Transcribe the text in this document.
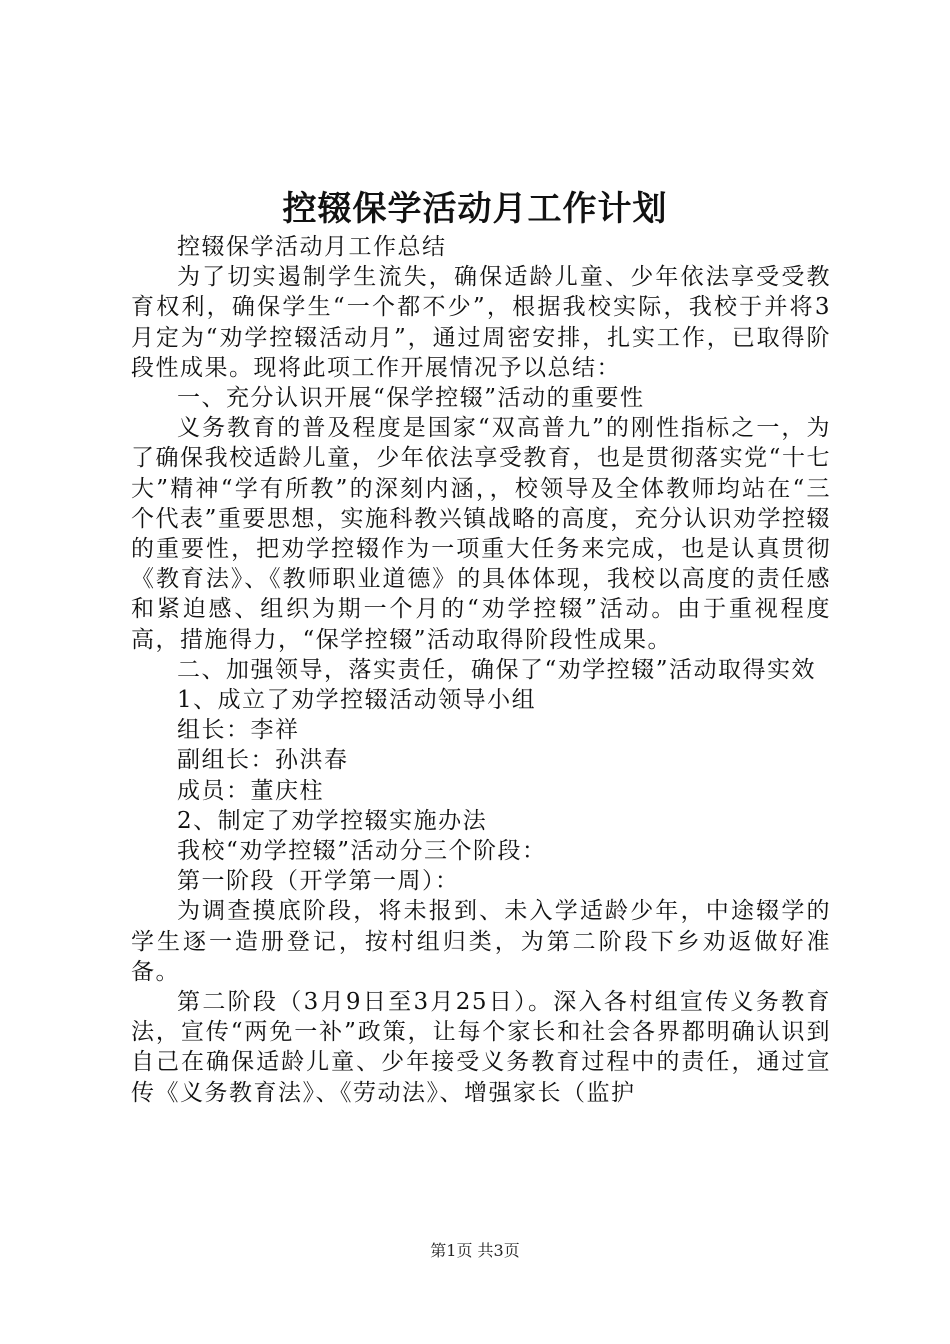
控辍保学活动月工作计划

控辍保学活动月工作总结

为了切实遏制学生流失，确保适龄儿童、少年依法享受受教育权利，确保学生“一个都不少”，根据我校实际，我校于并将3月定为“劝学控辍活动月”，通过周密安排，扎实工作，已取得阶段性成果。现将此项工作开展情况予以总结：

一、充分认识开展“保学控辍”活动的重要性

义务教育的普及程度是国家“双高普九”的刚性指标之一，为了确保我校适龄儿童，少年依法享受教育，也是贯彻落实党“十七大”精神“学有所教”的深刻内涵，，校领导及全体教师均站在“三个代表”重要思想，实施科教兴镇战略的高度，充分认识劝学控辍的重要性，把劝学控辍作为一项重大任务来完成，也是认真贯彻《教育法》、《教师职业道德》的具体体现，我校以高度的责任感和紧迫感、组织为期一个月的“劝学控辍”活动。由于重视程度高，措施得力，“保学控辍”活动取得阶段性成果。

二、加强领导，落实责任，确保了“劝学控辍”活动取得实效

1、成立了劝学控辍活动领导小组

组长：李祥

副组长：孙洪春

成员：董庆柱

2、制定了劝学控辍实施办法

我校“劝学控辍”活动分三个阶段：

第一阶段（开学第一周）：

为调查摸底阶段，将未报到、未入学适龄少年，中途辍学的学生逐一造册登记，按村组归类，为第二阶段下乡劝返做好准备。

第二阶段（3月9日至3月25日）。深入各村组宣传义务教育法，宣传“两免一补”政策，让每个家长和社会各界都明确认识到自己在确保适龄儿童、少年接受义务教育过程中的责任，通过宣传《义务教育法》、《劳动法》、增强家长（监护

第1页 共3页
